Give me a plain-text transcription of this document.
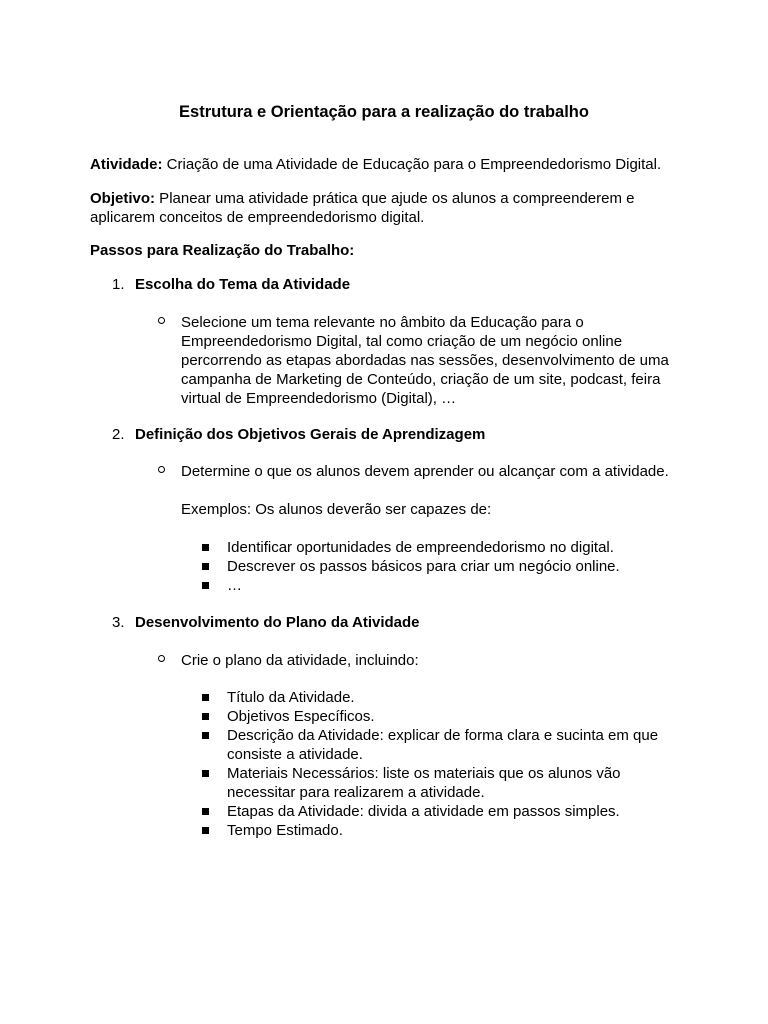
Estrutura e Orientação para a realização do trabalho
Atividade: Criação de uma Atividade de Educação para o Empreendedorismo Digital.
Objetivo: Planear uma atividade prática que ajude os alunos a compreenderem e
aplicarem conceitos de empreendedorismo digital.
Passos para Realização do Trabalho:
1. Escolha do Tema da Atividade
Selecione um tema relevante no âmbito da Educação para o
Empreendedorismo Digital, tal como criação de um negócio online
percorrendo as etapas abordadas nas sessões, desenvolvimento de uma
campanha de Marketing de Conteúdo, criação de um site, podcast, feira
virtual de Empreendedorismo (Digital), …
2. Definição dos Objetivos Gerais de Aprendizagem
Determine o que os alunos devem aprender ou alcançar com a atividade.
Exemplos: Os alunos deverão ser capazes de:
Identificar oportunidades de empreendedorismo no digital.
Descrever os passos básicos para criar um negócio online.
…
3. Desenvolvimento do Plano da Atividade
Crie o plano da atividade, incluindo:
Título da Atividade.
Objetivos Específicos.
Descrição da Atividade: explicar de forma clara e sucinta em que
consiste a atividade.
Materiais Necessários: liste os materiais que os alunos vão
necessitar para realizarem a atividade.
Etapas da Atividade: divida a atividade em passos simples.
Tempo Estimado.
